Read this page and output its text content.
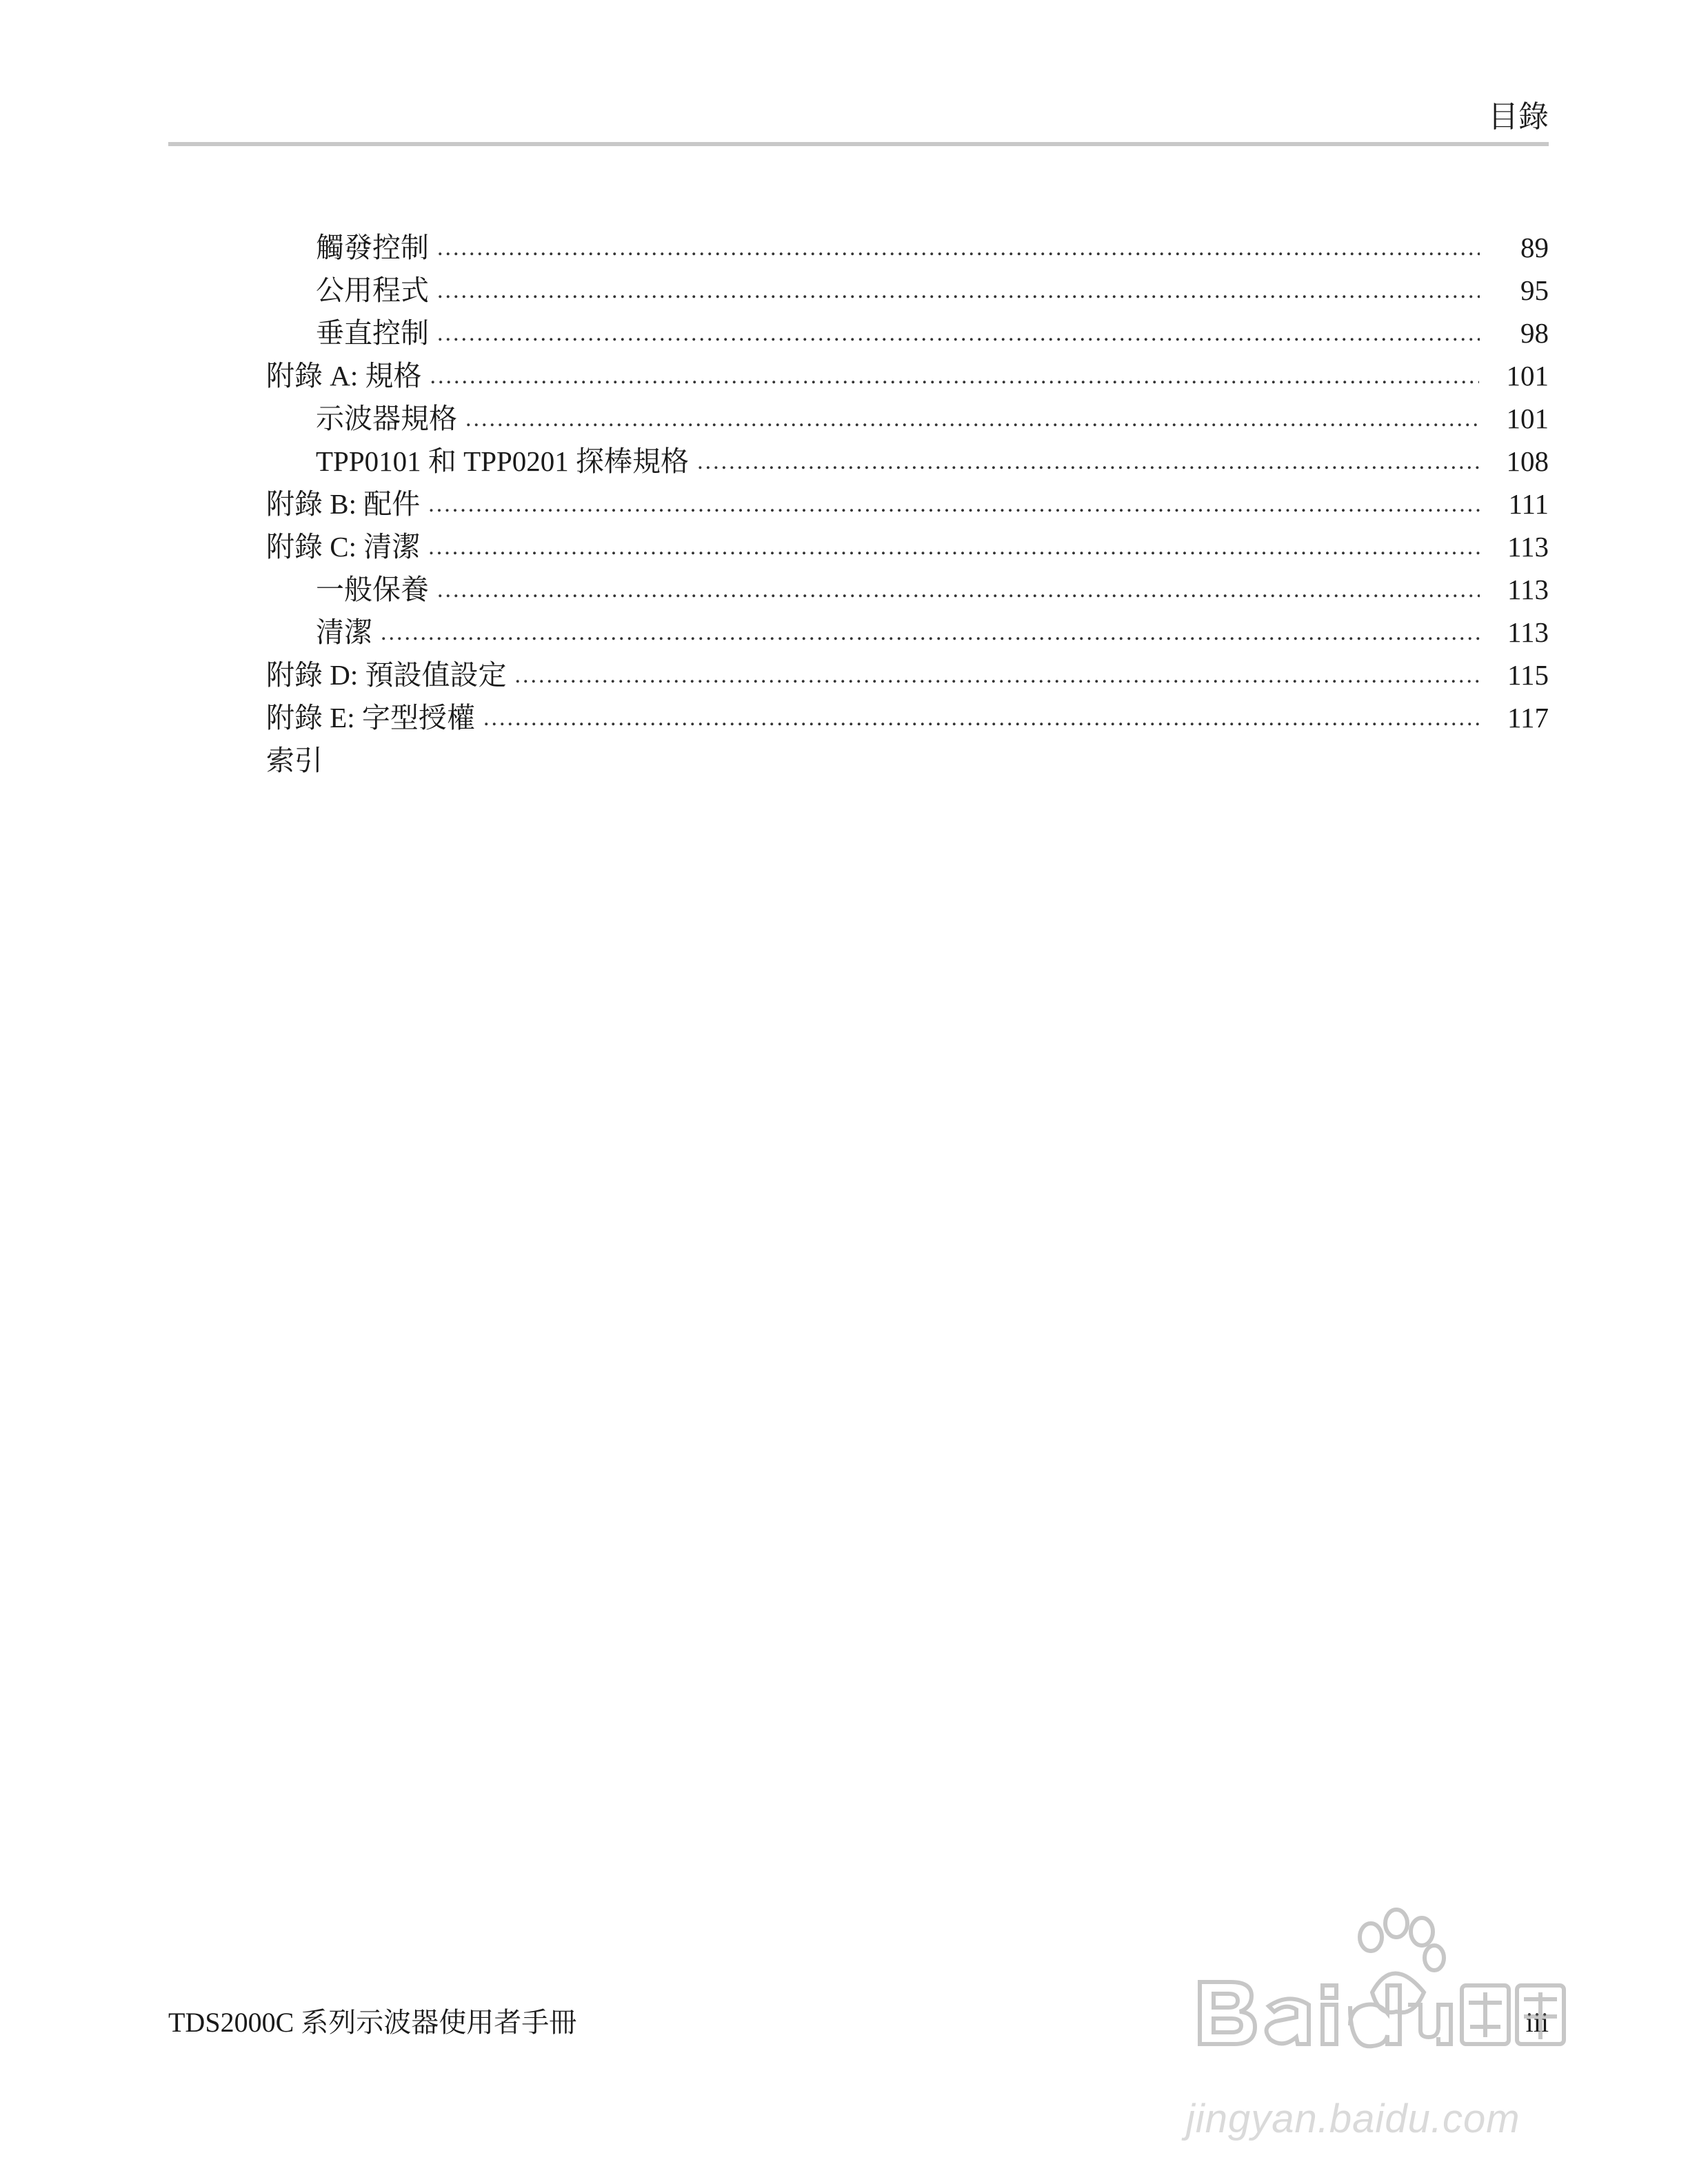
目錄
觸發控制 .....	89
公用程式 .....	95
垂直控制 .....	98
附錄 A: 規格 .....	101
示波器規格 .....	101
TPP0101 和 TPP0201 探棒規格 .....	108
附錄 B: 配件 .....	111
附錄 C: 清潔 .....	113
一般保養 .....	113
清潔 .....	113
附錄 D: 預設值設定 .....	115
附錄 E: 字型授權 .....	117
索引
TDS2000C 系列示波器使用者手冊	iii
jingyan.baidu.com
